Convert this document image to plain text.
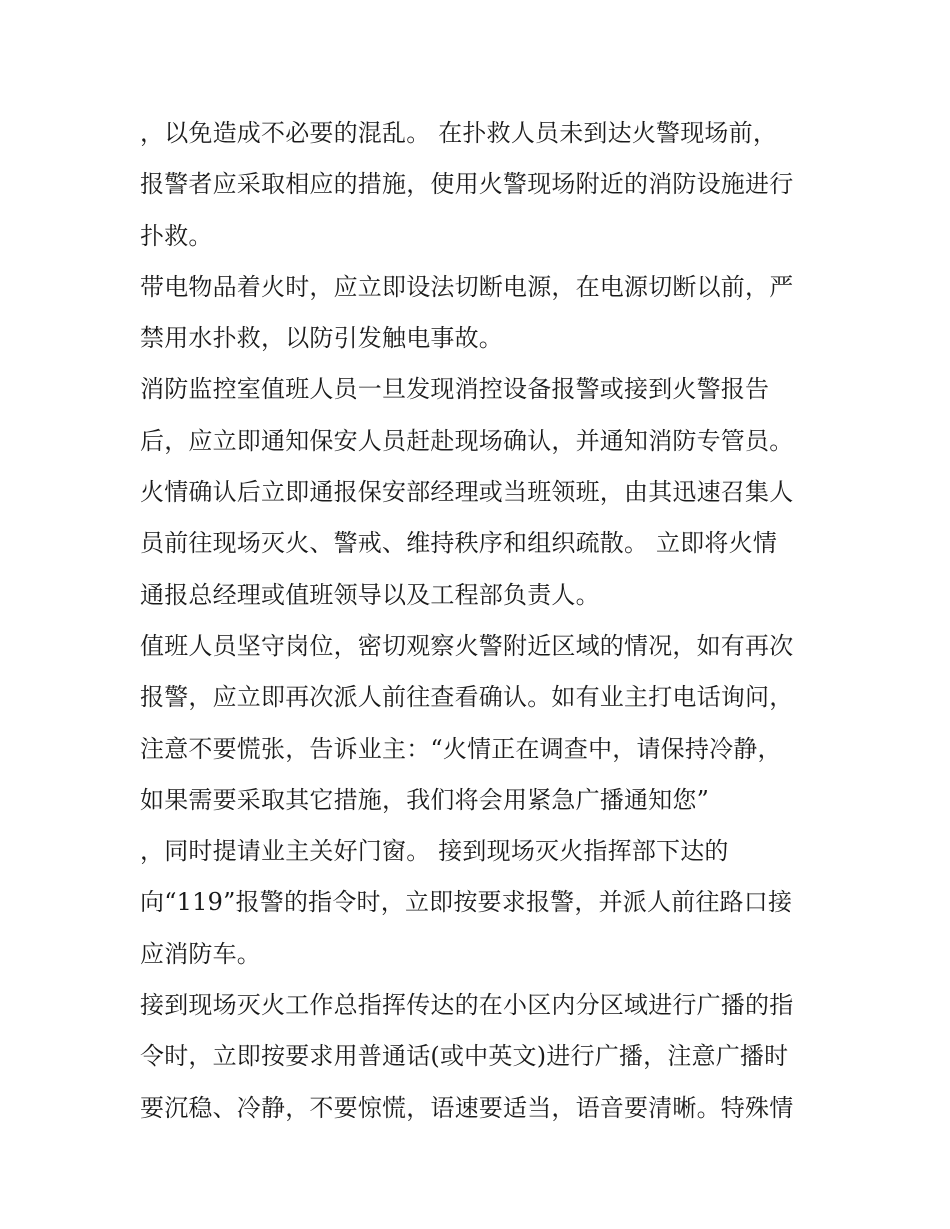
，以免造成不必要的混乱。 在扑救人员未到达火警现场前，
报警者应采取相应的措施，使用火警现场附近的消防设施进行
扑救。
带电物品着火时，应立即设法切断电源，在电源切断以前，严
禁用水扑救，以防引发触电事故。
消防监控室值班人员一旦发现消控设备报警或接到火警报告
后，应立即通知保安人员赶赴现场确认，并通知消防专管员。
火情确认后立即通报保安部经理或当班领班，由其迅速召集人
员前往现场灭火、警戒、维持秩序和组织疏散。 立即将火情
通报总经理或值班领导以及工程部负责人。
值班人员坚守岗位，密切观察火警附近区域的情况，如有再次
报警，应立即再次派人前往查看确认。如有业主打电话询问，
注意不要慌张，告诉业主：“火情正在调查中，请保持冷静，
如果需要采取其它措施，我们将会用紧急广播通知您”
，同时提请业主关好门窗。 接到现场灭火指挥部下达的
向“119”报警的指令时，立即按要求报警，并派人前往路口接
应消防车。
接到现场灭火工作总指挥传达的在小区内分区域进行广播的指
令时，立即按要求用普通话(或中英文)进行广播，注意广播时
要沉稳、冷静，不要惊慌，语速要适当，语音要清晰。特殊情
